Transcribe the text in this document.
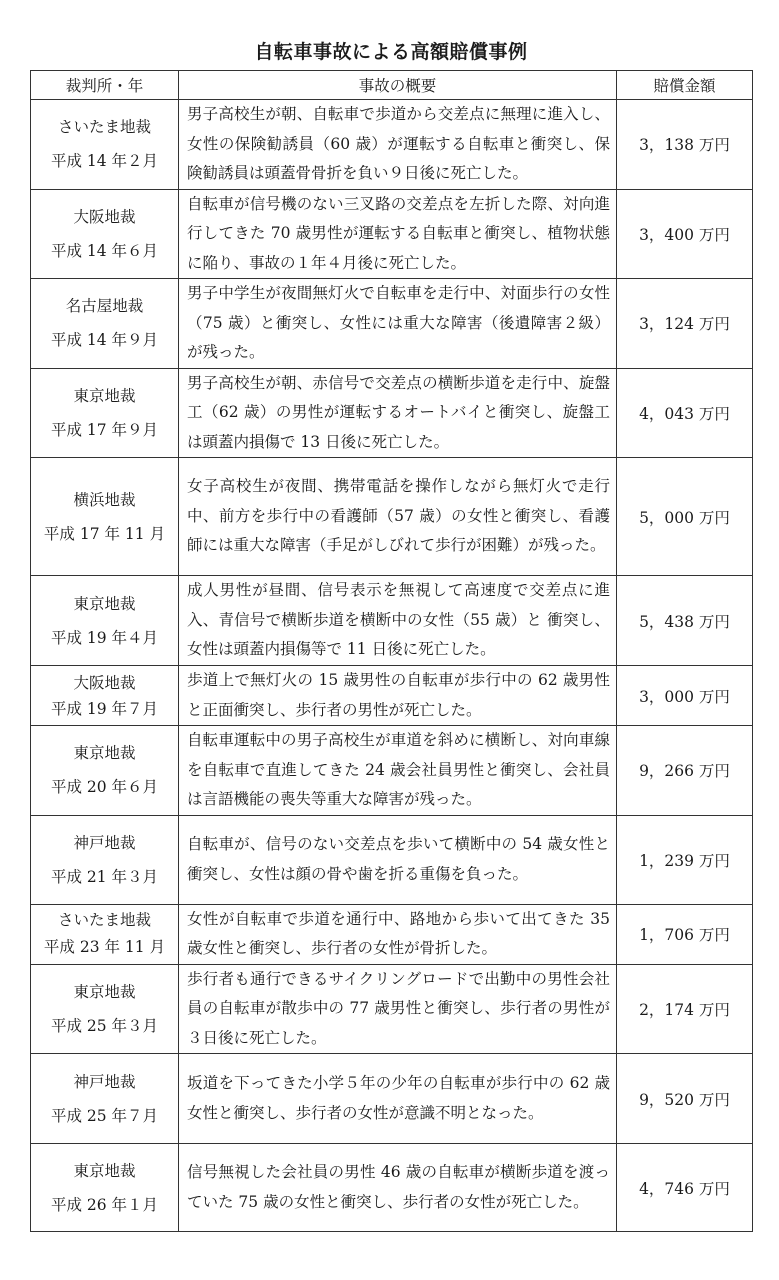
自転車事故による高額賠償事例
裁判所・年	事故の概要	賠償金額

さいたま地裁
平成 14 年２月	男子高校生が朝、自転車で歩道から交差点に無理に進入し、女性の保険勧誘員（60 歳）が運転する自転車と衝突し、保険勧誘員は頭蓋骨骨折を負い９日後に死亡した。	3，138 万円

大阪地裁
平成 14 年６月	自転車が信号機のない三叉路の交差点を左折した際、対向進行してきた 70 歳男性が運転する自転車と衝突し、植物状態に陥り、事故の１年４月後に死亡した。	3，400 万円

名古屋地裁
平成 14 年９月	男子中学生が夜間無灯火で自転車を走行中、対面歩行の女性（75 歳）と衝突し、女性には重大な障害（後遺障害２級）が残った。	3，124 万円

東京地裁
平成 17 年９月	男子高校生が朝、赤信号で交差点の横断歩道を走行中、旋盤工（62 歳）の男性が運転するオートバイと衝突し、旋盤工は頭蓋内損傷で 13 日後に死亡した。	4，043 万円

横浜地裁
平成 17 年 11 月	女子高校生が夜間、携帯電話を操作しながら無灯火で走行中、前方を歩行中の看護師（57 歳）の女性と衝突し、看護師には重大な障害（手足がしびれて歩行が困難）が残った。	5，000 万円

東京地裁
平成 19 年４月	成人男性が昼間、信号表示を無視して高速度で交差点に進入、青信号で横断歩道を横断中の女性（55 歳）と 衝突し、女性は頭蓋内損傷等で 11 日後に死亡した。	5，438 万円

大阪地裁
平成 19 年７月	歩道上で無灯火の 15 歳男性の自転車が歩行中の 62 歳男性と正面衝突し、歩行者の男性が死亡した。	3，000 万円

東京地裁
平成 20 年６月	自転車運転中の男子高校生が車道を斜めに横断し、対向車線を自転車で直進してきた 24 歳会社員男性と衝突し、会社員は言語機能の喪失等重大な障害が残った。	9，266 万円

神戸地裁
平成 21 年３月	自転車が、信号のない交差点を歩いて横断中の 54 歳女性と衝突し、女性は顔の骨や歯を折る重傷を負った。	1，239 万円

さいたま地裁
平成 23 年 11 月	女性が自転車で歩道を通行中、路地から歩いて出てきた 35 歳女性と衝突し、歩行者の女性が骨折した。	1，706 万円

東京地裁
平成 25 年３月	歩行者も通行できるサイクリングロードで出勤中の男性会社員の自転車が散歩中の 77 歳男性と衝突し、歩行者の男性が３日後に死亡した。	2，174 万円

神戸地裁
平成 25 年７月	坂道を下ってきた小学５年の少年の自転車が歩行中の 62 歳女性と衝突し、歩行者の女性が意識不明となった。	9，520 万円

東京地裁
平成 26 年１月	信号無視した会社員の男性 46 歳の自転車が横断歩道を渡っていた 75 歳の女性と衝突し、歩行者の女性が死亡した。	4，746 万円
